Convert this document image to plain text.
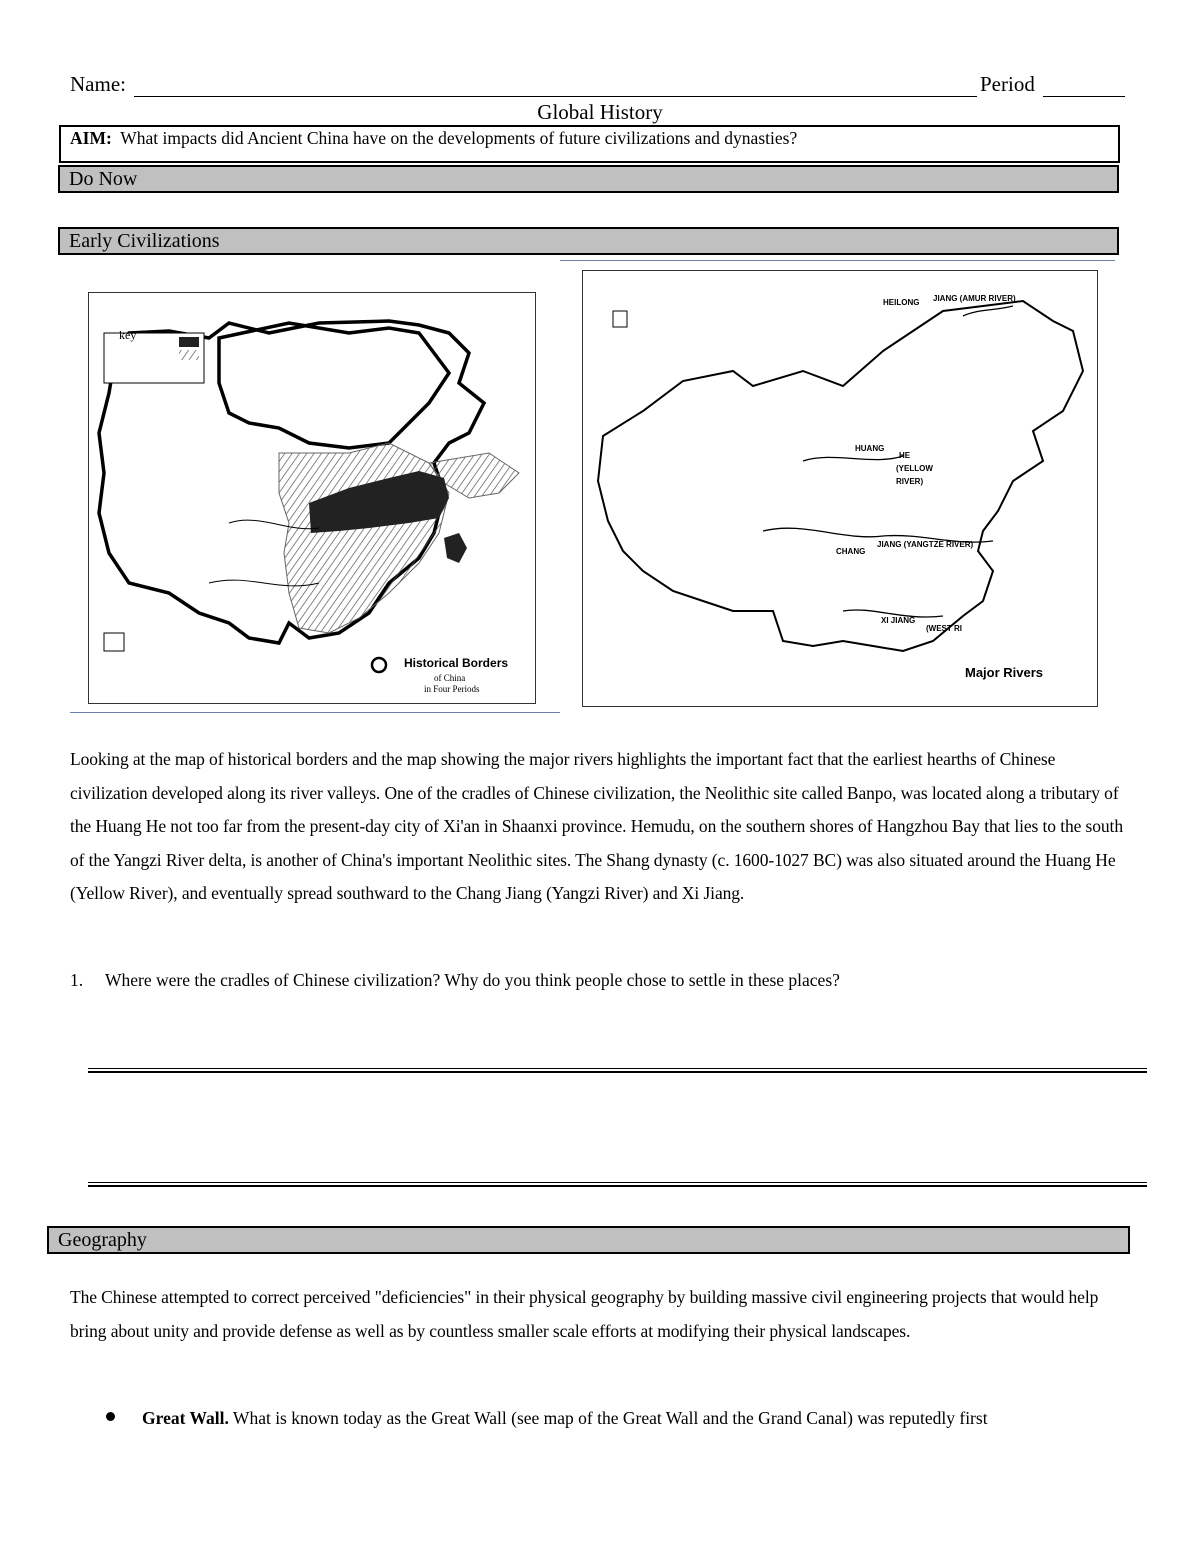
Name:	Period
Global History
AIM: What impacts did Ancient China have on the developments of future civilizations and dynasties?
Do Now
Early Civilizations
key
Historical Borders
of China
in Four Periods
HEILONG JIANG (AMUR RIVER)
HUANG
HE
(YELLOW
RIVER)
CHANG
JIANG (YANGTZE RIVER)
XI JIANG
(WEST RI
Major Rivers
Looking at the map of historical borders and the map showing the major rivers highlights the important fact that the earliest hearths of Chinese civilization developed along its river valleys. One of the cradles of Chinese civilization, the Neolithic site called Banpo, was located along a tributary of the Huang He not too far from the present-day city of Xi'an in Shaanxi province. Hemudu, on the southern shores of Hangzhou Bay that lies to the south of the Yangzi River delta, is another of China's important Neolithic sites. The Shang dynasty (c. 1600-1027 BC) was also situated around the Huang He (Yellow River), and eventually spread southward to the Chang Jiang (Yangzi River) and Xi Jiang.
1. Where were the cradles of Chinese civilization? Why do you think people chose to settle in these places?
Geography
The Chinese attempted to correct perceived "deficiencies" in their physical geography by building massive civil engineering projects that would help bring about unity and provide defense as well as by countless smaller scale efforts at modifying their physical landscapes.
Great Wall. What is known today as the Great Wall (see map of the Great Wall and the Grand Canal) was reputedly first
